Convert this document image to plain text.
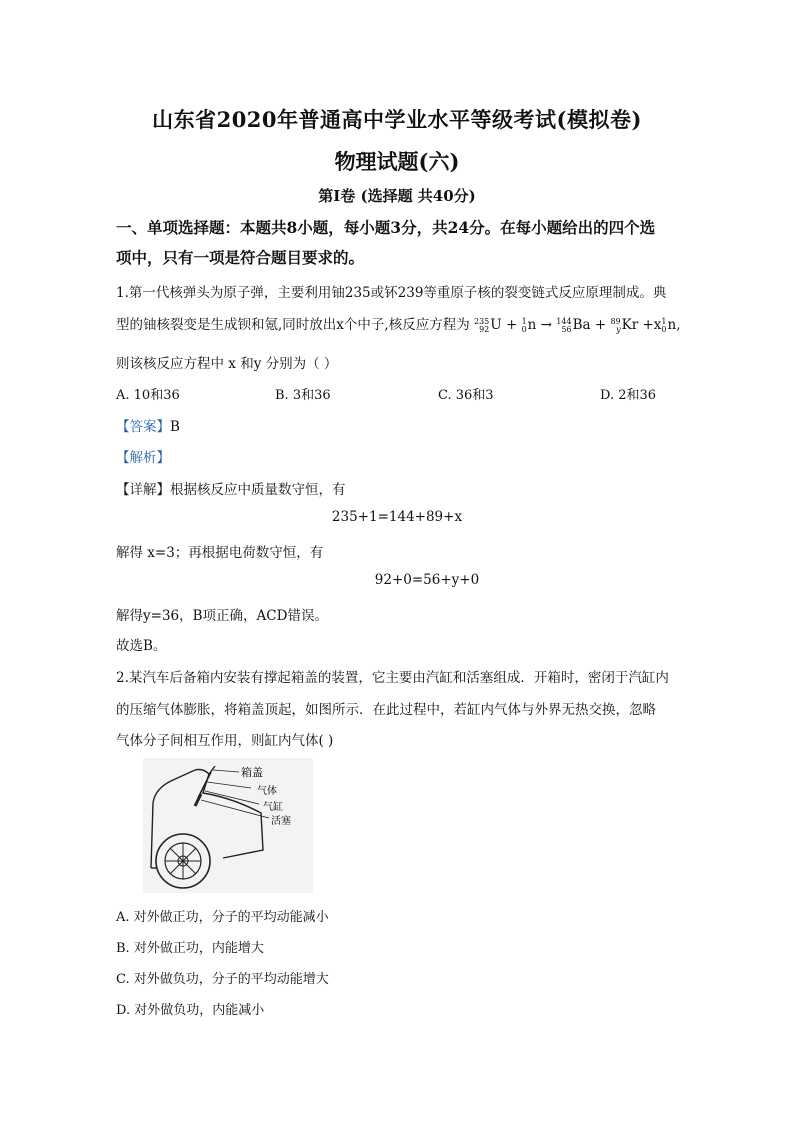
山东省2020年普通高中学业水平等级考试(模拟卷)
物理试题(六)
第Ⅰ卷 (选择题 共40分)
一、单项选择题：本题共8小题，每小题3分，共24分。在每小题给出的四个选
项中，只有一项是符合题目要求的。
1.第一代核弹头为原子弹，主要利用铀235或钚239等重原子核的裂变链式反应原理制成。典
型的铀核裂变是生成钡和氪,同时放出x个中子,核反应方程为 235
92U + 1
0n → 144
56Ba + 89
yKr +x1
0n,
则该核反应方程中 x 和y 分别为（ ）
A. 10和36	B. 3和36	C. 36和3	D. 2和36
【答案】B
【解析】
【详解】根据核反应中质量数守恒，有
235+1=144+89+x
解得 x=3；再根据电荷数守恒，有
92+0=56+y+0
解得y=36，B项正确，ACD错误。
故选B。
2.某汽车后备箱内安装有撑起箱盖的装置，它主要由汽缸和活塞组成．开箱时，密闭于汽缸内
的压缩气体膨胀，将箱盖顶起，如图所示．在此过程中，若缸内气体与外界无热交换，忽略
气体分子间相互作用，则缸内气体( )
箱盖
气体
气缸
活塞
A. 对外做正功，分子的平均动能减小
B. 对外做正功，内能增大
C. 对外做负功，分子的平均动能增大
D. 对外做负功，内能减小
